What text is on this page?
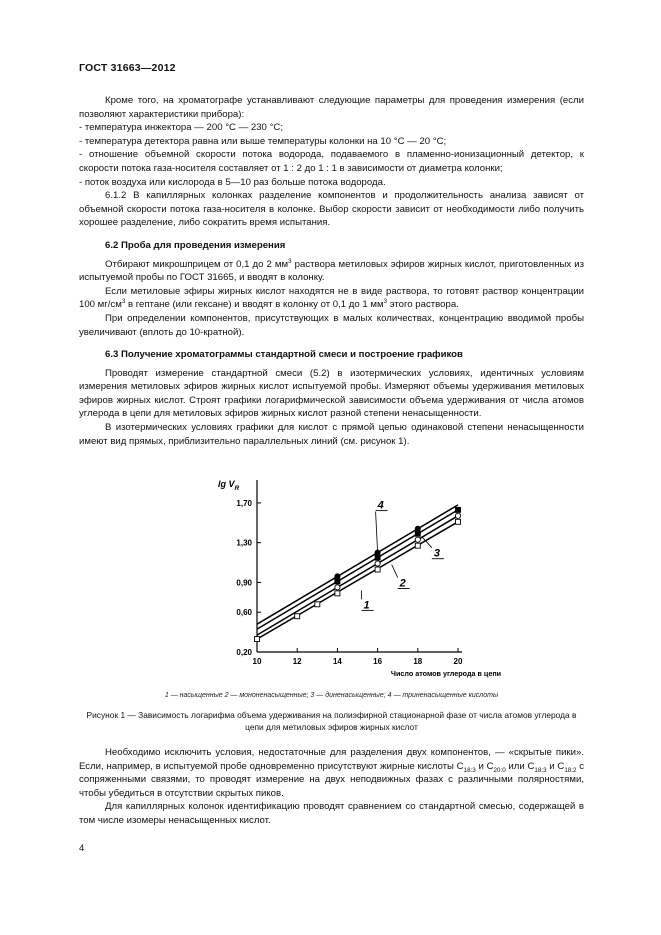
ГОСТ 31663—2012

Кроме того, на хроматографе устанавливают следующие параметры для проведения измерения (если позволяют характеристики прибора):

- температура инжектора — 200 °С — 230 °С;

- температура детектора равна или выше температуры колонки на 10 °С — 20 °С;

- отношение объемной скорости потока водорода, подаваемого в пламенно-ионизационный детектор, к скорости потока газа-носителя составляет от 1 : 2 до 1 : 1 в зависимости от диаметра колонки;

- поток воздуха или кислорода в 5—10 раз больше потока водорода.

6.1.2 В капиллярных колонках разделение компонентов и продолжительность анализа зависят от объемной скорости потока газа-носителя в колонке. Выбор скорости зависит от необходимости либо получить хорошее разделение, либо сократить время испытания.

6.2 Проба для проведения измерения

Отбирают микрошприцем от 0,1 до 2 $мм^3$ раствора метиловых эфиров жирных кислот, приготовленных из испытуемой пробы по ГОСТ 31665, и вводят в колонку.

Если метиловые эфиры жирных кислот находятся не в виде раствора, то готовят раствор концентрации 100 $мг/см^3$ в гептане (или гексане) и вводят в колонку от 0,1 до 1 $мм^3$ этого раствора.

При определении компонентов, присутствующих в малых количествах, концентрацию вводимой пробы увеличивают (вплоть до 10-кратной).

6.3 Получение хроматограммы стандартной смеси и построение графиков

Проводят измерение стандартной смеси (5.2) в изотермических условиях, идентичных условиям измерения метиловых эфиров жирных кислот испытуемой пробы. Измеряют объемы удерживания метиловых эфиров жирных кислот. Строят графики логарифмической зависимости объема удерживания от числа атомов углерода в цепи для метиловых эфиров жирных кислот разной степени ненасыщенности.

В изотермических условиях графики для кислот с прямой цепью одинаковой степени ненасыщенности имеют вид прямых, приблизительно параллельных линий (см. рисунок 1).

10	12	14	16	18	20
0,20
0,60
0,90
1,30
1,70
1
2
3
4
$\lg V_R$
Число атомов углерода в цепи
1 — насыщенные 2 — мононенасыщенные; 3 — диненасыщенные; 4 — триненасыщенные кислоты
Рисунок 1 — Зависимость логарифма объема удерживания на полиэфирной стационарной фазе от числа атомов углерода в цепи для метиловых эфиров жирных кислот

Необходимо исключить условия, недостаточные для разделения двух компонентов, — «скрытые пики». Если, например, в испытуемой пробе одновременно присутствуют жирные кислоты $С_{18:3}$ и $С_{20:0}$ или $С_{18:3}$ и $С_{18:2}$ с сопряженными связями, то проводят измерение на двух неподвижных фазах с различными полярностями, чтобы убедиться в отсутствии скрытых пиков.

Для капиллярных колонок идентификацию проводят сравнением со стандартной смесью, содержащей в том числе изомеры ненасыщенных кислот.

4
